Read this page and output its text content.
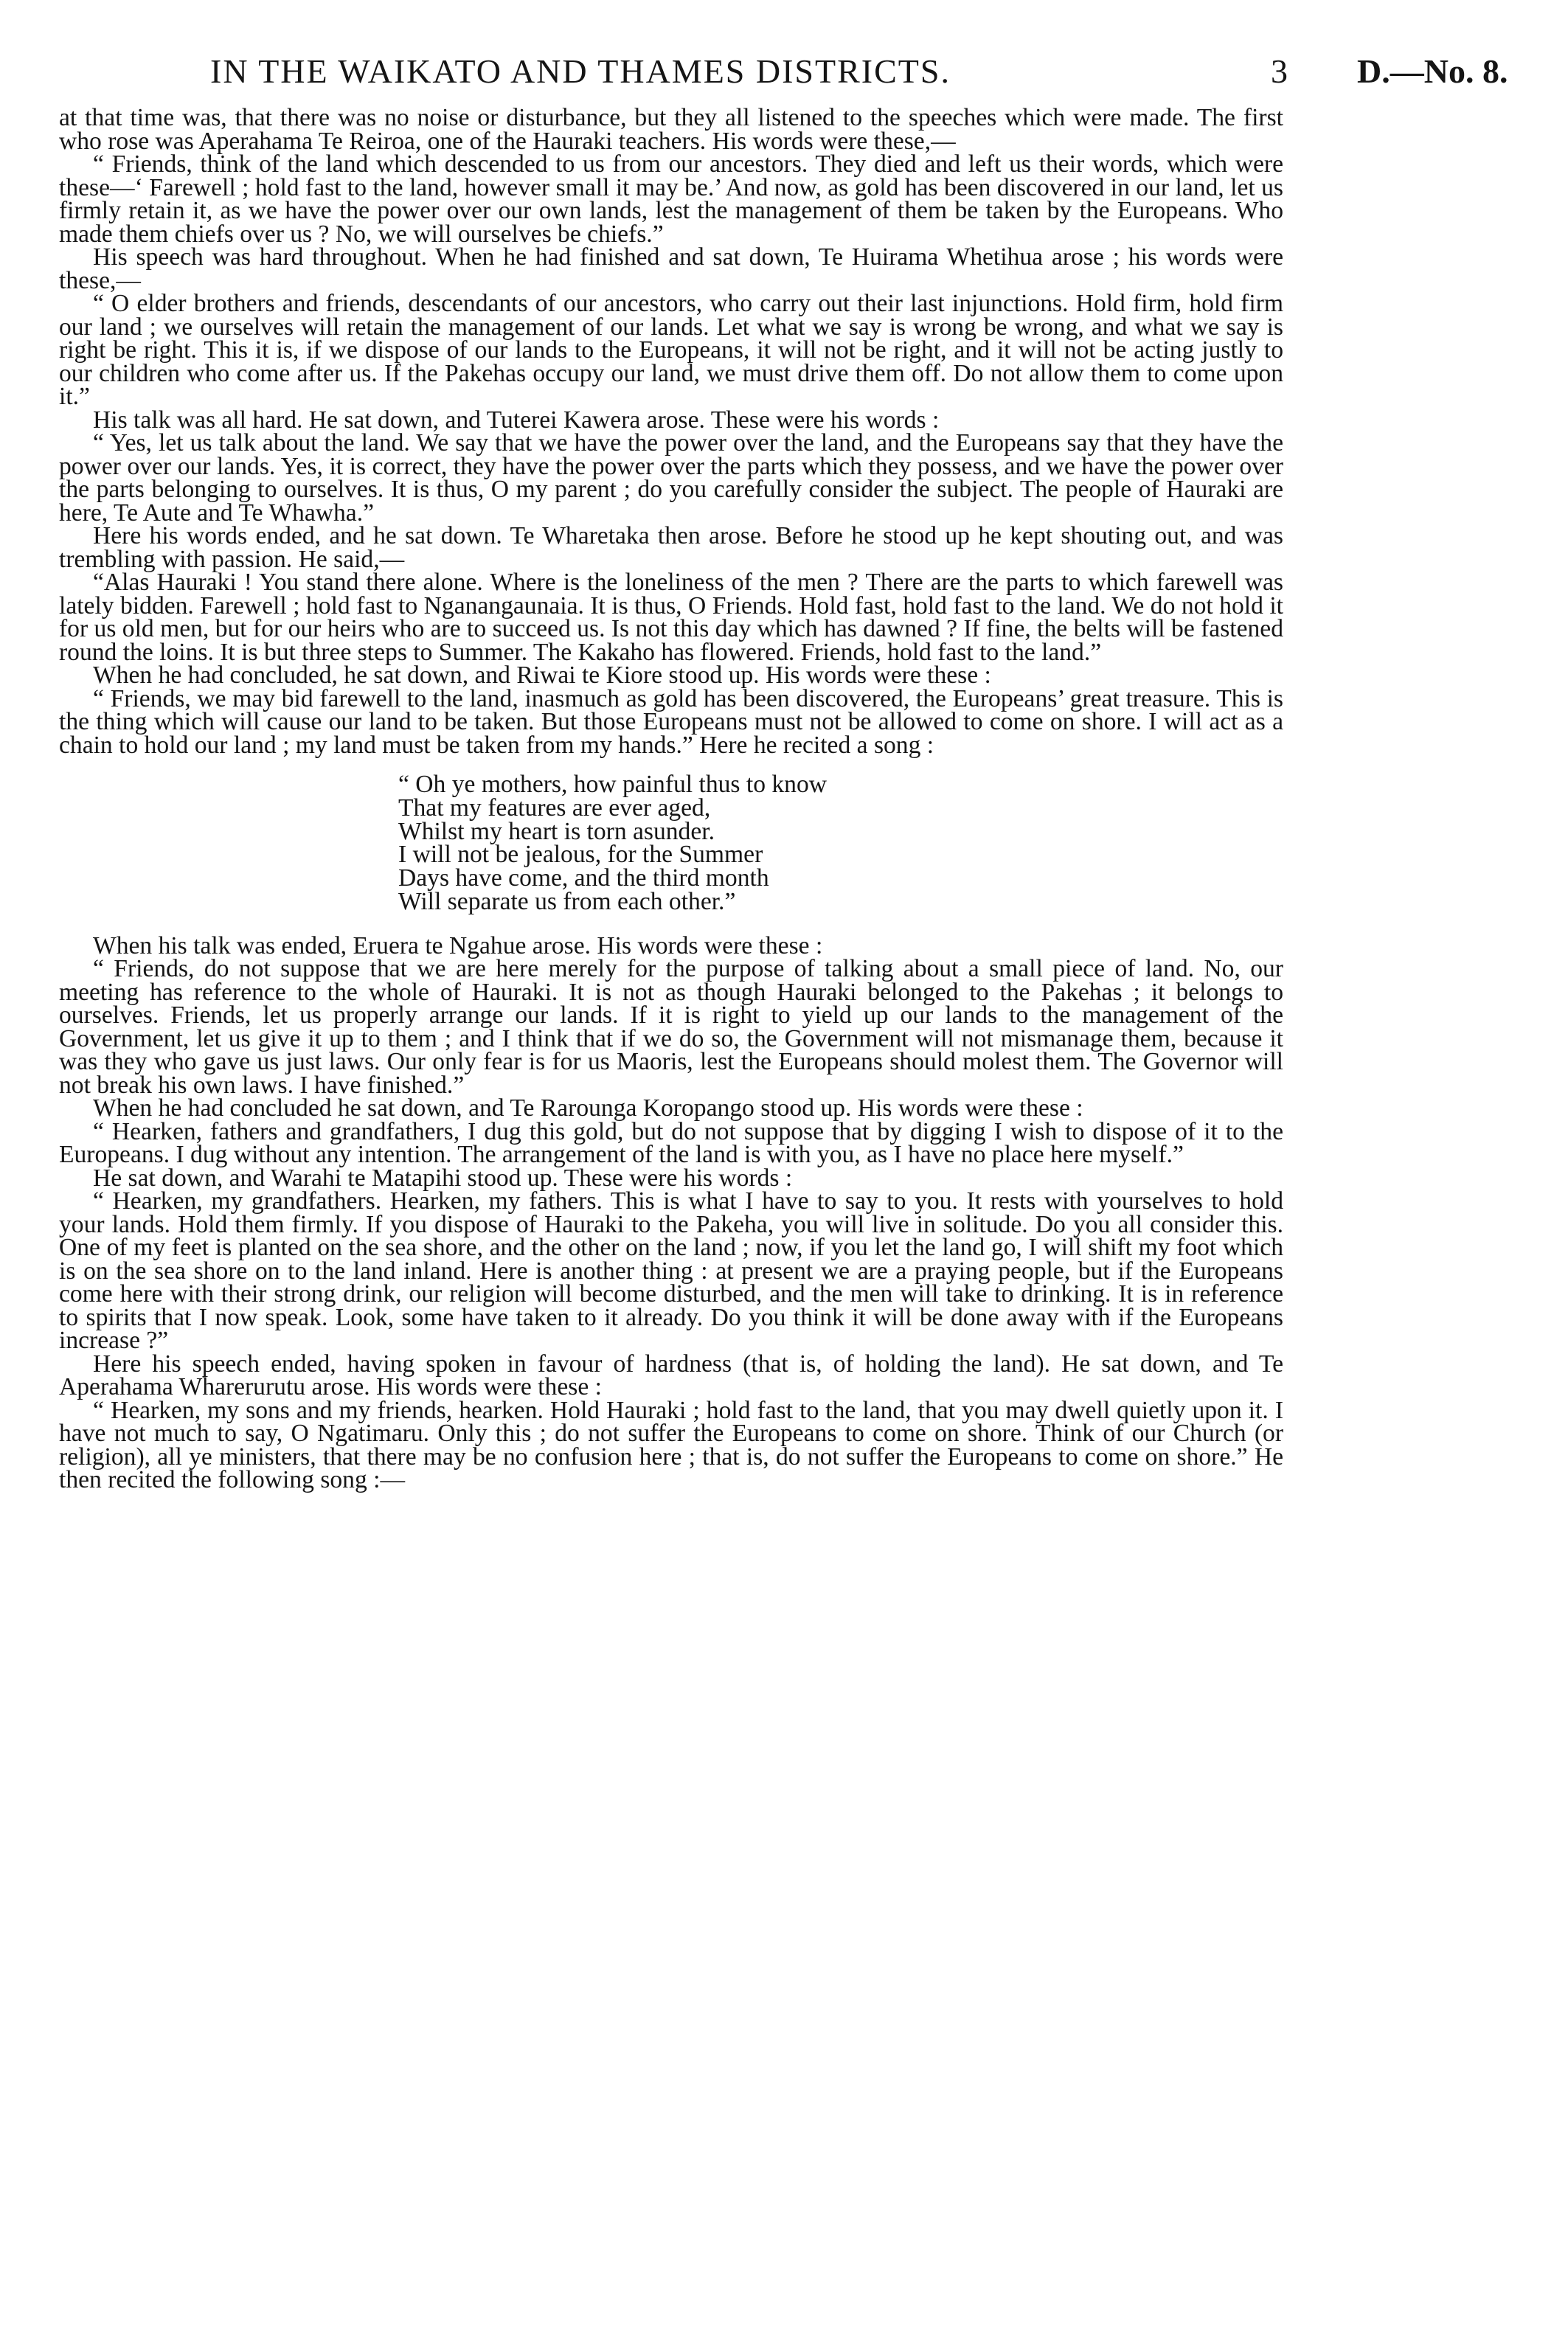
IN THE WAIKATO AND THAMES DISTRICTS.	3 D.—No. 8.

at that time was, that there was no noise or disturbance, but they all listened to the speeches which were made. The first who rose was Aperahama Te Reiroa, one of the Hauraki teachers. His words were these,—

“ Friends, think of the land which descended to us from our ancestors. They died and left us their words, which were these—‘ Farewell ; hold fast to the land, however small it may be.’ And now, as gold has been discovered in our land, let us firmly retain it, as we have the power over our own lands, lest the management of them be taken by the Europeans. Who made them chiefs over us ? No, we will ourselves be chiefs.”

His speech was hard throughout. When he had finished and sat down, Te Huirama Whetihua arose ; his words were these,—

“ O elder brothers and friends, descendants of our ancestors, who carry out their last injunctions. Hold firm, hold firm our land ; we ourselves will retain the management of our lands. Let what we say is wrong be wrong, and what we say is right be right. This it is, if we dispose of our lands to the Europeans, it will not be right, and it will not be acting justly to our children who come after us. If the Pakehas occupy our land, we must drive them off. Do not allow them to come upon it.”

His talk was all hard. He sat down, and Tuterei Kawera arose. These were his words :

“ Yes, let us talk about the land. We say that we have the power over the land, and the Europeans say that they have the power over our lands. Yes, it is correct, they have the power over the parts which they possess, and we have the power over the parts belonging to ourselves. It is thus, O my parent ; do you carefully consider the subject. The people of Hauraki are here, Te Aute and Te Whawha.”

Here his words ended, and he sat down. Te Wharetaka then arose. Before he stood up he kept shouting out, and was trembling with passion. He said,—

“Alas Hauraki ! You stand there alone. Where is the loneliness of the men ? There are the parts to which farewell was lately bidden. Farewell ; hold fast to Nganangaunaia. It is thus, O Friends. Hold fast, hold fast to the land. We do not hold it for us old men, but for our heirs who are to succeed us. Is not this day which has dawned ? If fine, the belts will be fastened round the loins. It is but three steps to Summer. The Kakaho has flowered. Friends, hold fast to the land.”

When he had concluded, he sat down, and Riwai te Kiore stood up. His words were these :

“ Friends, we may bid farewell to the land, inasmuch as gold has been discovered, the Europeans’ great treasure. This is the thing which will cause our land to be taken. But those Europeans must not be allowed to come on shore. I will act as a chain to hold our land ; my land must be taken from my hands.” Here he recited a song :

“ Oh ye mothers, how painful thus to know
That my features are ever aged,
Whilst my heart is torn asunder.
I will not be jealous, for the Summer
Days have come, and the third month
Will separate us from each other.”

When his talk was ended, Eruera te Ngahue arose. His words were these :

“ Friends, do not suppose that we are here merely for the purpose of talking about a small piece of land. No, our meeting has reference to the whole of Hauraki. It is not as though Hauraki belonged to the Pakehas ; it belongs to ourselves. Friends, let us properly arrange our lands. If it is right to yield up our lands to the management of the Government, let us give it up to them ; and I think that if we do so, the Government will not mismanage them, because it was they who gave us just laws. Our only fear is for us Maoris, lest the Europeans should molest them. The Governor will not break his own laws. I have finished.”

When he had concluded he sat down, and Te Rarounga Koropango stood up. His words were these :

“ Hearken, fathers and grandfathers, I dug this gold, but do not suppose that by digging I wish to dispose of it to the Europeans. I dug without any intention. The arrangement of the land is with you, as I have no place here myself.”

He sat down, and Warahi te Matapihi stood up. These were his words :

“ Hearken, my grandfathers. Hearken, my fathers. This is what I have to say to you. It rests with yourselves to hold your lands. Hold them firmly. If you dispose of Hauraki to the Pakeha, you will live in solitude. Do you all consider this. One of my feet is planted on the sea shore, and the other on the land ; now, if you let the land go, I will shift my foot which is on the sea shore on to the land inland. Here is another thing : at present we are a praying people, but if the Europeans come here with their strong drink, our religion will become disturbed, and the men will take to drinking. It is in reference to spirits that I now speak. Look, some have taken to it already. Do you think it will be done away with if the Europeans increase ?”

Here his speech ended, having spoken in favour of hardness (that is, of holding the land). He sat down, and Te Aperahama Wharerurutu arose. His words were these :

“ Hearken, my sons and my friends, hearken. Hold Hauraki ; hold fast to the land, that you may dwell quietly upon it. I have not much to say, O Ngatimaru. Only this ; do not suffer the Europeans to come on shore. Think of our Church (or religion), all ye ministers, that there may be no confusion here ; that is, do not suffer the Europeans to come on shore.” He then recited the following song :—
